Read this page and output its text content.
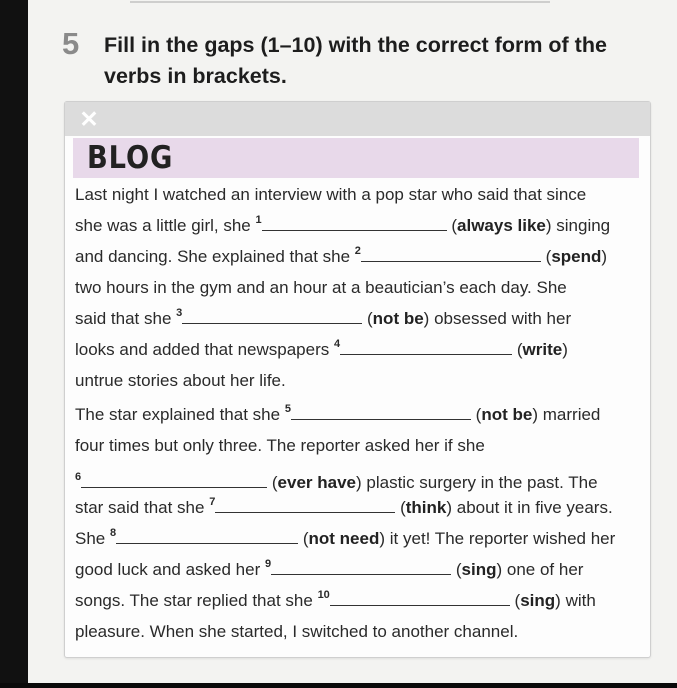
5 Fill in the gaps (1–10) with the correct form of the
verbs in brackets.
✕
BLOG
Last night I watched an interview with a pop star who said that since
she was a little girl, she $^1$	(always like) singing
and dancing. She explained that she $^2$	(spend)
two hours in the gym and an hour at a beautician’s each day. She
said that she $^3$	(not be) obsessed with her
looks and added that newspapers $^4$	(write)
untrue stories about her life.
The star explained that she $^5$	(not be) married
four times but only three. The reporter asked her if she
$^6$	(ever have) plastic surgery in the past. The
star said that she $^7$	(think) about it in five years.
She $^8$	(not need) it yet! The reporter wished her
good luck and asked her $^9$	(sing) one of her
songs. The star replied that she $^{10}$	(sing) with
pleasure. When she started, I switched to another channel.
